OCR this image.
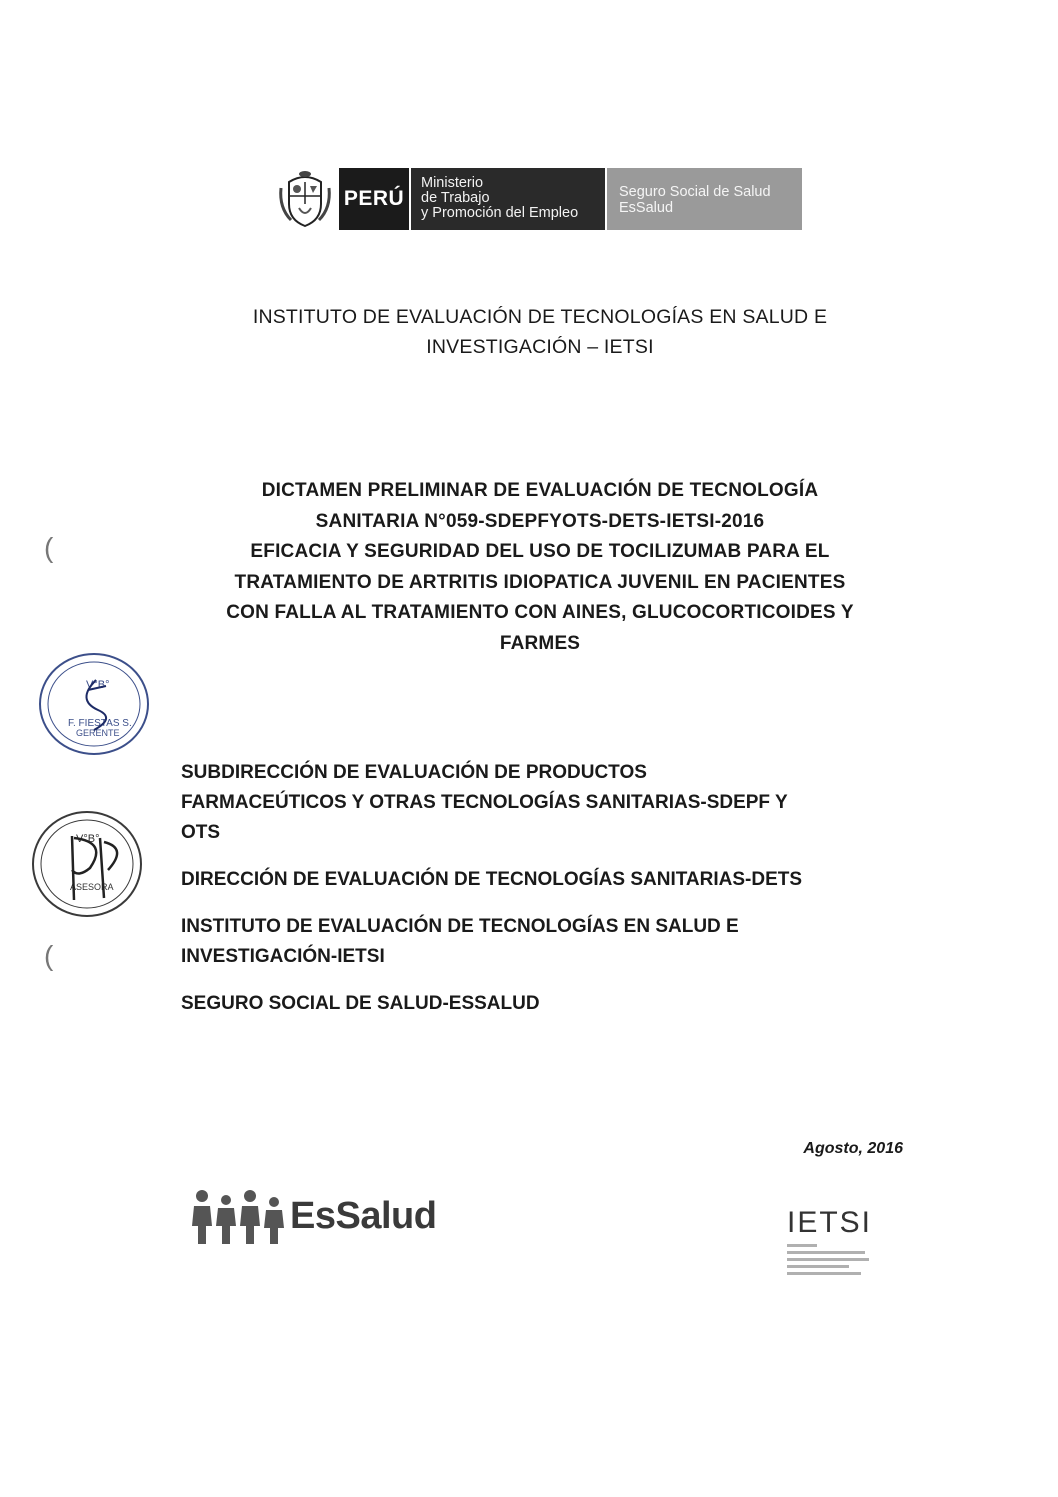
PERÚ
Ministerio
de Trabajo
y Promoción del Empleo
Seguro Social de Salud
EsSalud
INSTITUTO DE EVALUACIÓN DE TECNOLOGÍAS EN SALUD E
INVESTIGACIÓN – IETSI
DICTAMEN PRELIMINAR DE EVALUACIÓN DE TECNOLOGÍA
SANITARIA N°059-SDEPFYOTS-DETS-IETSI-2016
EFICACIA Y SEGURIDAD DEL USO DE TOCILIZUMAB PARA EL
TRATAMIENTO DE ARTRITIS IDIOPATICA JUVENIL EN PACIENTES
CON FALLA AL TRATAMIENTO CON AINES, GLUCOCORTICOIDES Y
FARMES
(
(
V°B°
F. FIESTAS S.
GERENTE
V°B°
ASESORA
SUBDIRECCIÓN DE EVALUACIÓN DE PRODUCTOS
FARMACEÚTICOS Y OTRAS TECNOLOGÍAS SANITARIAS-SDEPF Y
OTS
DIRECCIÓN DE EVALUACIÓN DE TECNOLOGÍAS SANITARIAS-DETS
INSTITUTO DE EVALUACIÓN DE TECNOLOGÍAS EN SALUD E
INVESTIGACIÓN-IETSI
SEGURO SOCIAL DE SALUD-ESSALUD
Agosto, 2016
EsSalud	IETSI
